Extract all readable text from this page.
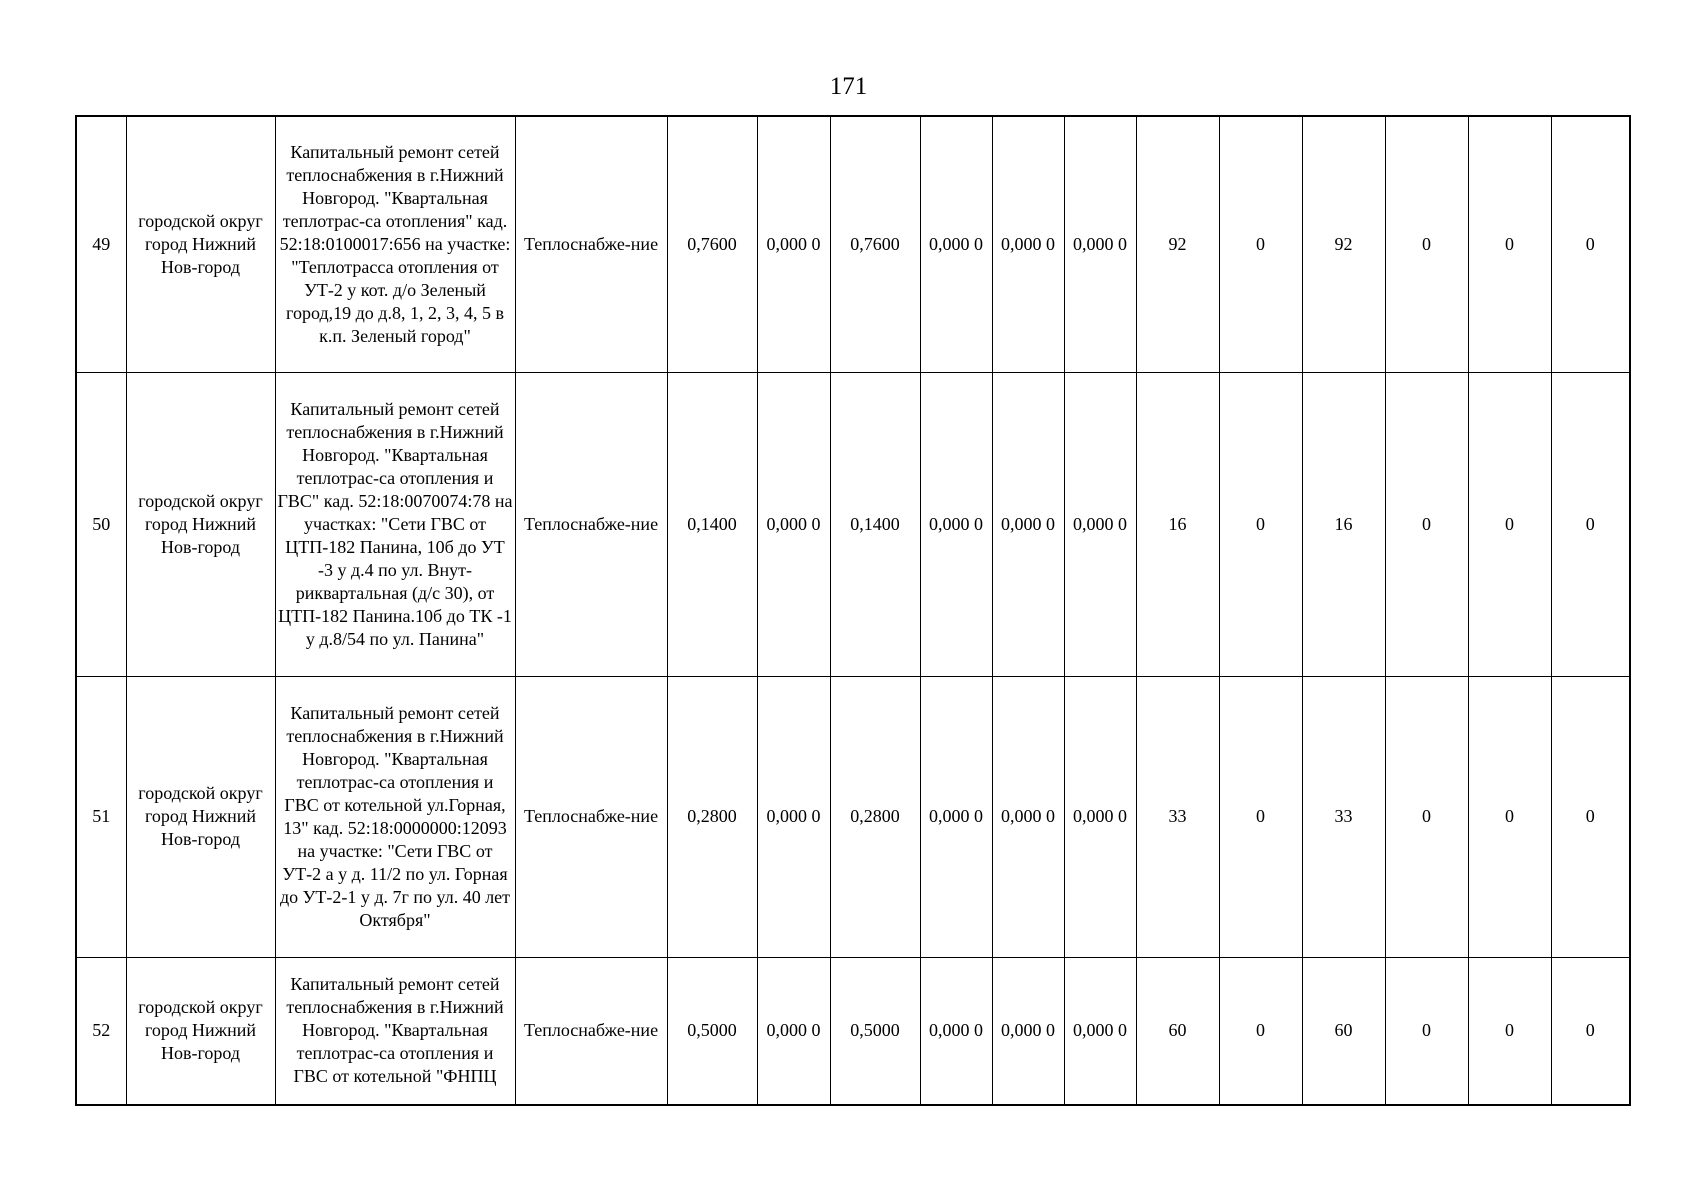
171
49	городской округ город Нижний Нов-город	Капитальный ремонт сетей теплоснабжения в г.Нижний Новгород. "Квартальная теплотрас-са отопления" кад. 52:18:0100017:656 на участке: "Теплотрасса отопления от УТ-2 у кот. д/о Зеленый город,19 до д.8, 1, 2, 3, 4, 5 в к.п. Зеленый город"	Теплоснабже-ние	0,7600	0,000 0	0,7600	0,000 0	0,000 0	0,000 0	92	0	92	0	0	0
50	городской округ город Нижний Нов-город	Капитальный ремонт сетей теплоснабжения в г.Нижний Новгород. "Квартальная теплотрас-са отопления и ГВС" кад. 52:18:0070074:78 на участках: "Сети ГВС от ЦТП-182 Панина, 10б до УТ -3 у д.4 по ул. Внут-риквартальная (д/с 30), от ЦТП-182 Панина.10б до ТК -1 у д.8/54 по ул. Панина"	Теплоснабже-ние	0,1400	0,000 0	0,1400	0,000 0	0,000 0	0,000 0	16	0	16	0	0	0
51	городской округ город Нижний Нов-город	Капитальный ремонт сетей теплоснабжения в г.Нижний Новгород. "Квартальная теплотрас-са отопления и ГВС от котельной ул.Горная, 13" кад. 52:18:0000000:12093 на участке: "Сети ГВС от УТ-2 а у д. 11/2 по ул. Горная до УТ-2-1 у д. 7г по ул. 40 лет Октября"	Теплоснабже-ние	0,2800	0,000 0	0,2800	0,000 0	0,000 0	0,000 0	33	0	33	0	0	0
52	городской округ город Нижний Нов-город	Капитальный ремонт сетей теплоснабжения в г.Нижний Новгород. "Квартальная теплотрас-са отопления и ГВС от котельной "ФНПЦ	Теплоснабже-ние	0,5000	0,000 0	0,5000	0,000 0	0,000 0	0,000 0	60	0	60	0	0	0
